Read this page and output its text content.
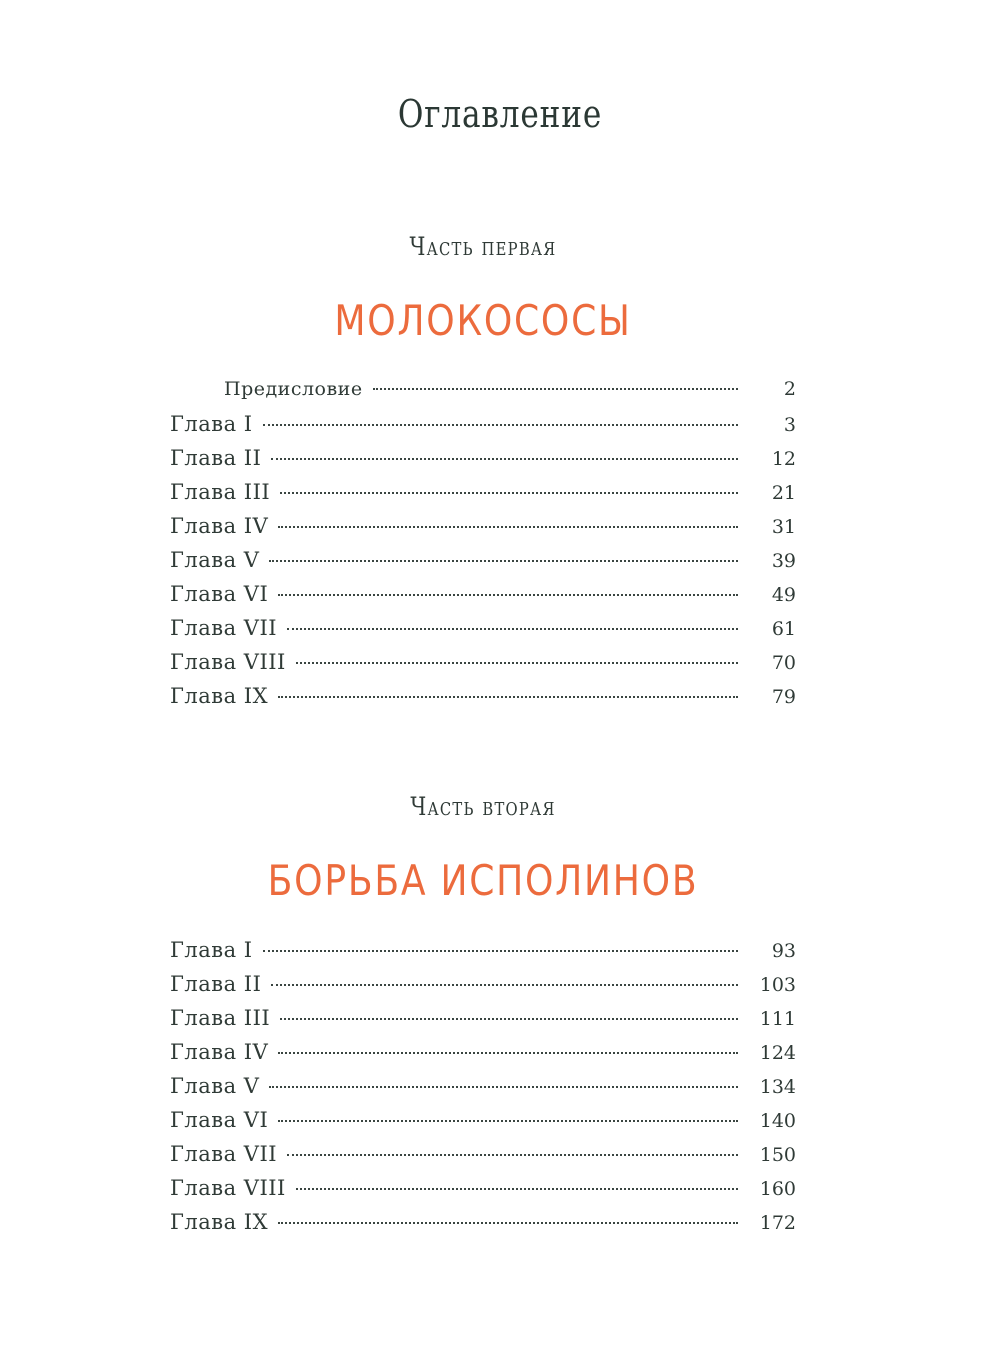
Оглавление
Часть первая
МОЛОКОСОСЫ
Предисловие	2
Глава I	3
Глава II	12
Глава III	21
Глава IV	31
Глава V	39
Глава VI	49
Глава VII	61
Глава VIII	70
Глава IX	79
Часть вторая
БОРЬБА ИСПОЛИНОВ
Глава I	93
Глава II	103
Глава III	111
Глава IV	124
Глава V	134
Глава VI	140
Глава VII	150
Глава VIII	160
Глава IX	172
